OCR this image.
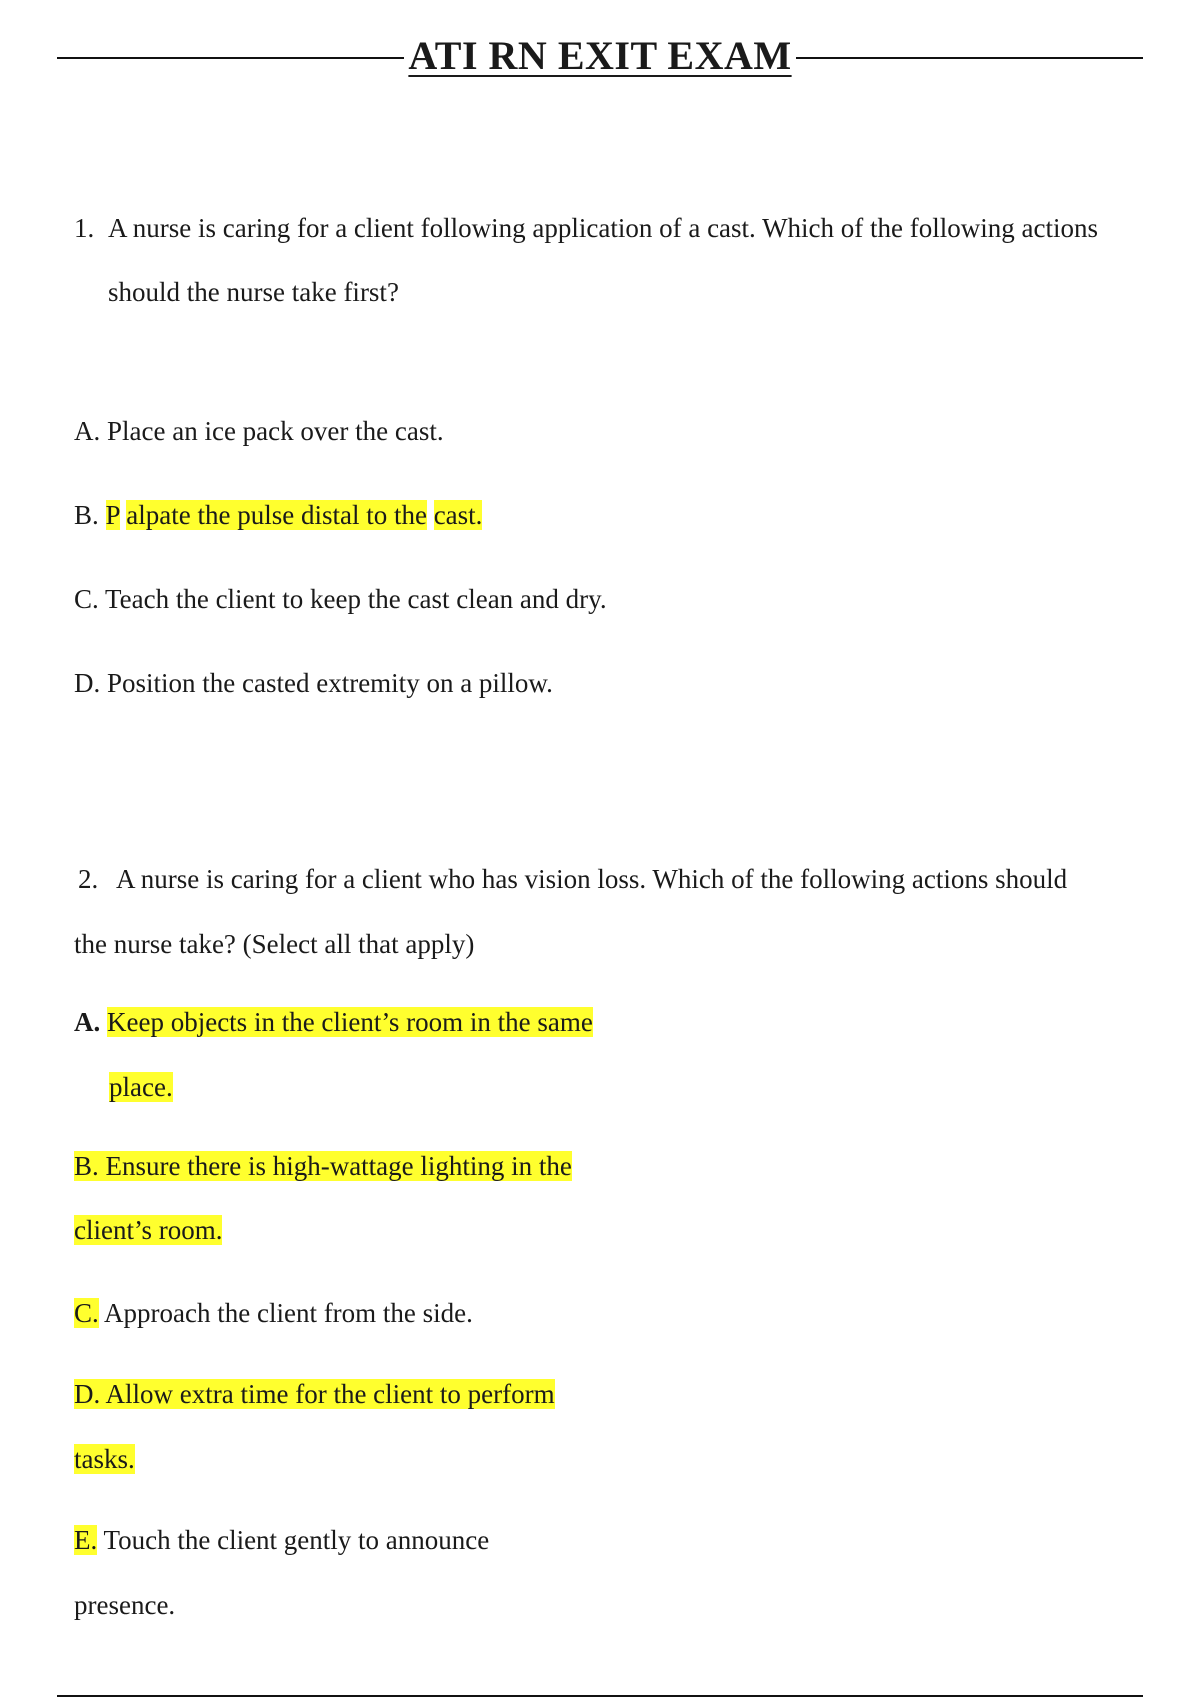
ATI RN EXIT EXAM
1. A nurse is caring for a client following application of a cast. Which of the following actions
should the nurse take first?
A. Place an ice pack over the cast.
B. P alpate the pulse distal to the cast.
C. Teach the client to keep the cast clean and dry.
D. Position the casted extremity on a pillow.
2. A nurse is caring for a client who has vision loss. Which of the following actions should
the nurse take? (Select all that apply)
A. Keep objects in the client’s room in the same
place.
B. Ensure there is high-wattage lighting in the
client’s room.
C. Approach the client from the side.
D. Allow extra time for the client to perform
tasks.
E. Touch the client gently to announce
presence.
